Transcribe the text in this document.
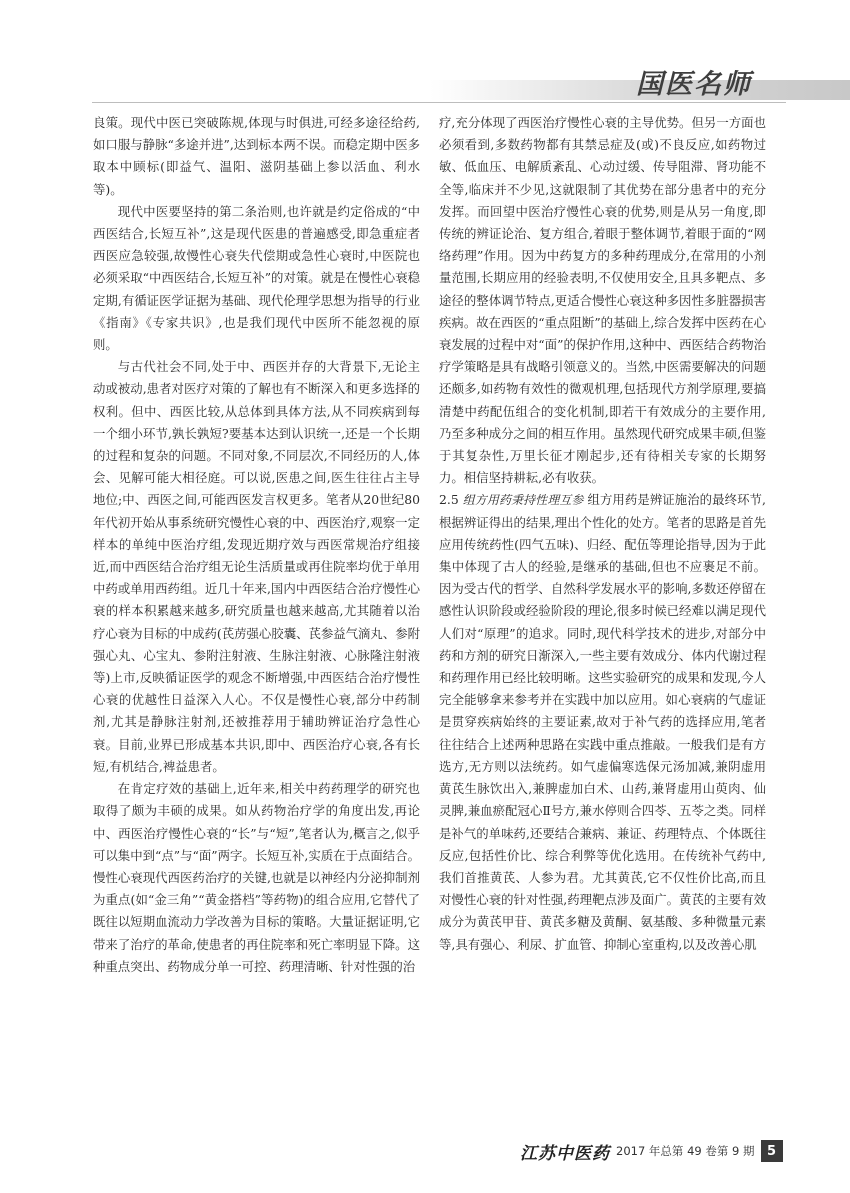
国医名师

良策。现代中医已突破陈规,体现与时俱进,可经多途径给药,如口服与静脉“多途并进”,达到标本两不误。而稳定期中医多取本中顾标(即益气、温阳、滋阴基础上参以活血、利水等)。

现代中医要坚持的第二条治则,也许就是约定俗成的“中西医结合,长短互补”,这是现代医患的普遍感受,即急重症者西医应急较强,故慢性心衰失代偿期或急性心衰时,中医院也必须采取“中西医结合,长短互补”的对策。就是在慢性心衰稳定期,有循证医学证据为基础、现代伦理学思想为指导的行业《指南》《专家共识》,也是我们现代中医所不能忽视的原则。

与古代社会不同,处于中、西医并存的大背景下,无论主动或被动,患者对医疗对策的了解也有不断深入和更多选择的权利。但中、西医比较,从总体到具体方法,从不同疾病到每一个细小环节,孰长孰短?要基本达到认识统一,还是一个长期的过程和复杂的问题。不同对象,不同层次,不同经历的人,体会、见解可能大相径庭。可以说,医患之间,医生往往占主导地位;中、西医之间,可能西医发言权更多。笔者从20世纪80年代初开始从事系统研究慢性心衰的中、西医治疗,观察一定样本的单纯中医治疗组,发现近期疗效与西医常规治疗组接近,而中西医结合治疗组无论生活质量或再住院率均优于单用中药或单用西药组。近几十年来,国内中西医结合治疗慢性心衰的样本积累越来越多,研究质量也越来越高,尤其随着以治疗心衰为目标的中成药(芪苈强心胶囊、芪参益气滴丸、参附强心丸、心宝丸、参附注射液、生脉注射液、心脉隆注射液等)上市,反映循证医学的观念不断增强,中西医结合治疗慢性心衰的优越性日益深入人心。不仅是慢性心衰,部分中药制剂,尤其是静脉注射剂,还被推荐用于辅助辨证治疗急性心衰。目前,业界已形成基本共识,即中、西医治疗心衰,各有长短,有机结合,裨益患者。

在肯定疗效的基础上,近年来,相关中药药理学的研究也取得了颇为丰硕的成果。如从药物治疗学的角度出发,再论中、西医治疗慢性心衰的“长”与“短”,笔者认为,概言之,似乎可以集中到“点”与“面”两字。长短互补,实质在于点面结合。慢性心衰现代西医药治疗的关键,也就是以神经内分泌抑制剂为重点(如“金三角”“黄金搭档”等药物)的组合应用,它替代了既往以短期血流动力学改善为目标的策略。大量证据证明,它带来了治疗的革命,使患者的再住院率和死亡率明显下降。这种重点突出、药物成分单一可控、药理清晰、针对性强的治

疗,充分体现了西医治疗慢性心衰的主导优势。但另一方面也必须看到,多数药物都有其禁忌症及(或)不良反应,如药物过敏、低血压、电解质紊乱、心动过缓、传导阻滞、肾功能不全等,临床并不少见,这就限制了其优势在部分患者中的充分发挥。而回望中医治疗慢性心衰的优势,则是从另一角度,即传统的辨证论治、复方组合,着眼于整体调节,着眼于面的“网络药理”作用。因为中药复方的多种药理成分,在常用的小剂量范围,长期应用的经验表明,不仅使用安全,且具多靶点、多途径的整体调节特点,更适合慢性心衰这种多因性多脏器损害疾病。故在西医的“重点阻断”的基础上,综合发挥中医药在心衰发展的过程中对“面”的保护作用,这种中、西医结合药物治疗学策略是具有战略引领意义的。当然,中医需要解决的问题还颇多,如药物有效性的微观机理,包括现代方剂学原理,要搞清楚中药配伍组合的变化机制,即若干有效成分的主要作用,乃至多种成分之间的相互作用。虽然现代研究成果丰硕,但鉴于其复杂性,万里长征才刚起步,还有待相关专家的长期努力。相信坚持耕耘,必有收获。

2.5 组方用药秉持性理互参 组方用药是辨证施治的最终环节,根据辨证得出的结果,理出个性化的处方。笔者的思路是首先应用传统药性(四气五味)、归经、配伍等理论指导,因为于此集中体现了古人的经验,是继承的基础,但也不应裹足不前。因为受古代的哲学、自然科学发展水平的影响,多数还停留在感性认识阶段或经验阶段的理论,很多时候已经难以满足现代人们对“原理”的追求。同时,现代科学技术的进步,对部分中药和方剂的研究日渐深入,一些主要有效成分、体内代谢过程和药理作用已经比较明晰。这些实验研究的成果和发现,今人完全能够拿来参考并在实践中加以应用。如心衰病的气虚证是贯穿疾病始终的主要证素,故对于补气药的选择应用,笔者往往结合上述两种思路在实践中重点推敲。一般我们是有方选方,无方则以法统药。如气虚偏寒选保元汤加减,兼阴虚用黄芪生脉饮出入,兼脾虚加白术、山药,兼肾虚用山萸肉、仙灵脾,兼血瘀配冠心Ⅱ号方,兼水停则合四苓、五苓之类。同样是补气的单味药,还要结合兼病、兼证、药理特点、个体既往反应,包括性价比、综合利弊等优化选用。在传统补气药中,我们首推黄芪、人参为君。尤其黄芪,它不仅性价比高,而且对慢性心衰的针对性强,药理靶点涉及面广。黄芪的主要有效成分为黄芪甲苷、黄芪多糖及黄酮、氨基酸、多种微量元素等,具有强心、利尿、扩血管、抑制心室重构,以及改善心肌

江苏中医药 2017 年总第 49 卷第 9 期 5
